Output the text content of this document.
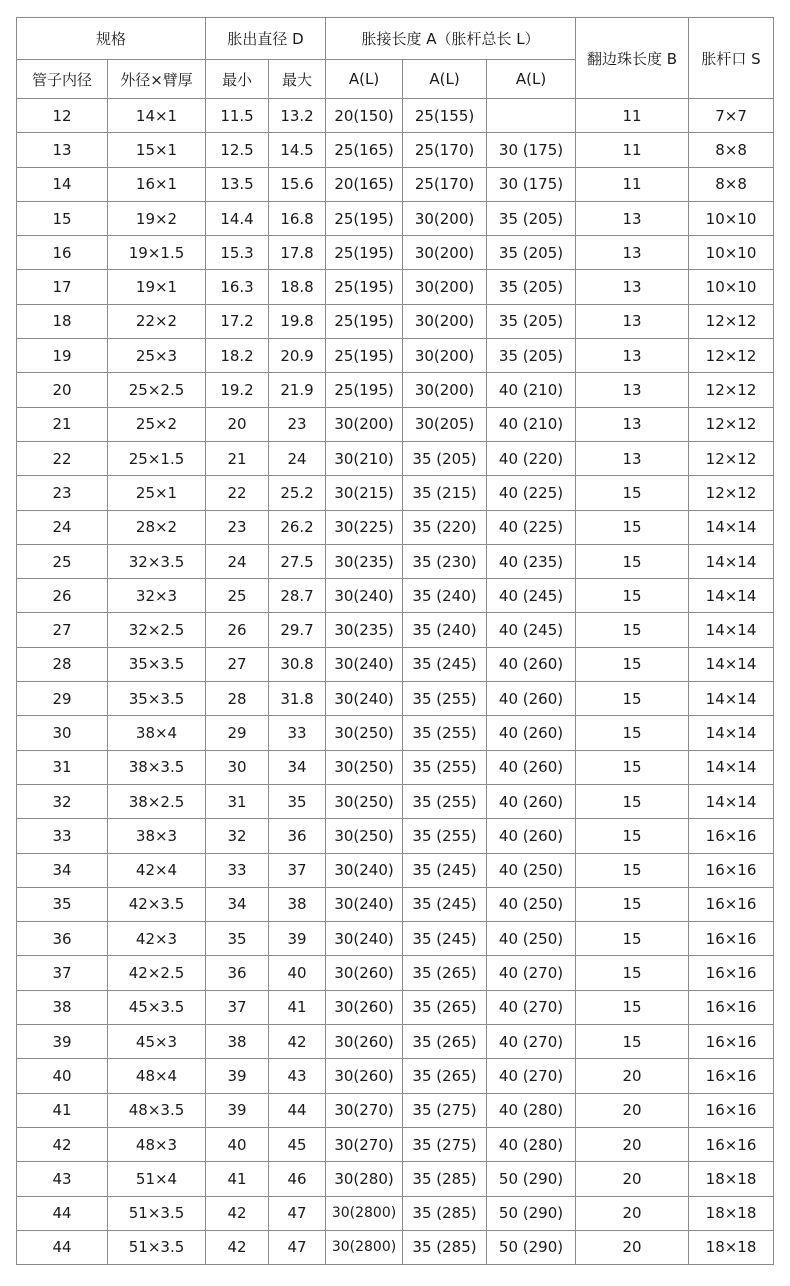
规格		胀出直径 D		胀接长度 A（胀杆总长 L）			翻边珠长度 B	胀杆口 S
管子内径	外径×臂厚	最小	最大	A(L)	A(L)	A(L)		
12	14×1	11.5	13.2	20(150)	25(155)		11	7×7
13	15×1	12.5	14.5	25(165)	25(170)	30 (175)	11	8×8
14	16×1	13.5	15.6	20(165)	25(170)	30 (175)	11	8×8
15	19×2	14.4	16.8	25(195)	30(200)	35 (205)	13	10×10
16	19×1.5	15.3	17.8	25(195)	30(200)	35 (205)	13	10×10
17	19×1	16.3	18.8	25(195)	30(200)	35 (205)	13	10×10
18	22×2	17.2	19.8	25(195)	30(200)	35 (205)	13	12×12
19	25×3	18.2	20.9	25(195)	30(200)	35 (205)	13	12×12
20	25×2.5	19.2	21.9	25(195)	30(200)	40 (210)	13	12×12
21	25×2	20	23	30(200)	30(205)	40 (210)	13	12×12
22	25×1.5	21	24	30(210)	35 (205)	40 (220)	13	12×12
23	25×1	22	25.2	30(215)	35 (215)	40 (225)	15	12×12
24	28×2	23	26.2	30(225)	35 (220)	40 (225)	15	14×14
25	32×3.5	24	27.5	30(235)	35 (230)	40 (235)	15	14×14
26	32×3	25	28.7	30(240)	35 (240)	40 (245)	15	14×14
27	32×2.5	26	29.7	30(235)	35 (240)	40 (245)	15	14×14
28	35×3.5	27	30.8	30(240)	35 (245)	40 (260)	15	14×14
29	35×3.5	28	31.8	30(240)	35 (255)	40 (260)	15	14×14
30	38×4	29	33	30(250)	35 (255)	40 (260)	15	14×14
31	38×3.5	30	34	30(250)	35 (255)	40 (260)	15	14×14
32	38×2.5	31	35	30(250)	35 (255)	40 (260)	15	14×14
33	38×3	32	36	30(250)	35 (255)	40 (260)	15	16×16
34	42×4	33	37	30(240)	35 (245)	40 (250)	15	16×16
35	42×3.5	34	38	30(240)	35 (245)	40 (250)	15	16×16
36	42×3	35	39	30(240)	35 (245)	40 (250)	15	16×16
37	42×2.5	36	40	30(260)	35 (265)	40 (270)	15	16×16
38	45×3.5	37	41	30(260)	35 (265)	40 (270)	15	16×16
39	45×3	38	42	30(260)	35 (265)	40 (270)	15	16×16
40	48×4	39	43	30(260)	35 (265)	40 (270)	20	16×16
41	48×3.5	39	44	30(270)	35 (275)	40 (280)	20	16×16
42	48×3	40	45	30(270)	35 (275)	40 (280)	20	16×16
43	51×4	41	46	30(280)	35 (285)	50 (290)	20	18×18
44	51×3.5	42	47	30(2800)	35 (285)	50 (290)	20	18×18
44	51×3.5	42	47	30(2800)	35 (285)	50 (290)	20	18×18
